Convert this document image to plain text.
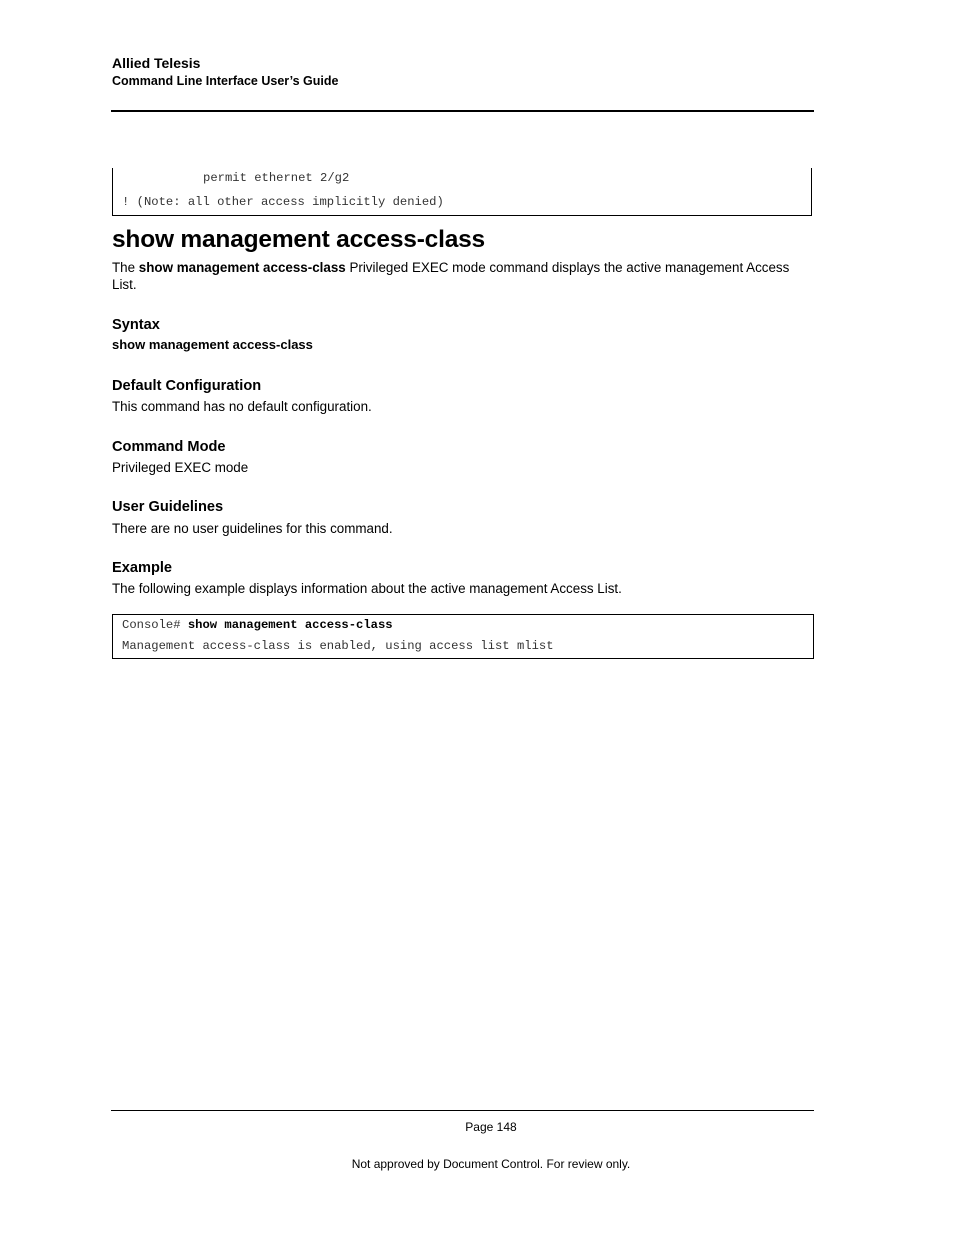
Allied Telesis
Command Line Interface User’s Guide
permit ethernet 2/g2
! (Note: all other access implicitly denied)
show management access-class
The show management access-class Privileged EXEC mode command displays the active management Access List.
Syntax
show management access-class
Default Configuration
This command has no default configuration.
Command Mode
Privileged EXEC mode
User Guidelines
There are no user guidelines for this command.
Example
The following example displays information about the active management Access List.
Console# show management access-class
Management access-class is enabled, using access list mlist
Page 148
Not approved by Document Control. For review only.
